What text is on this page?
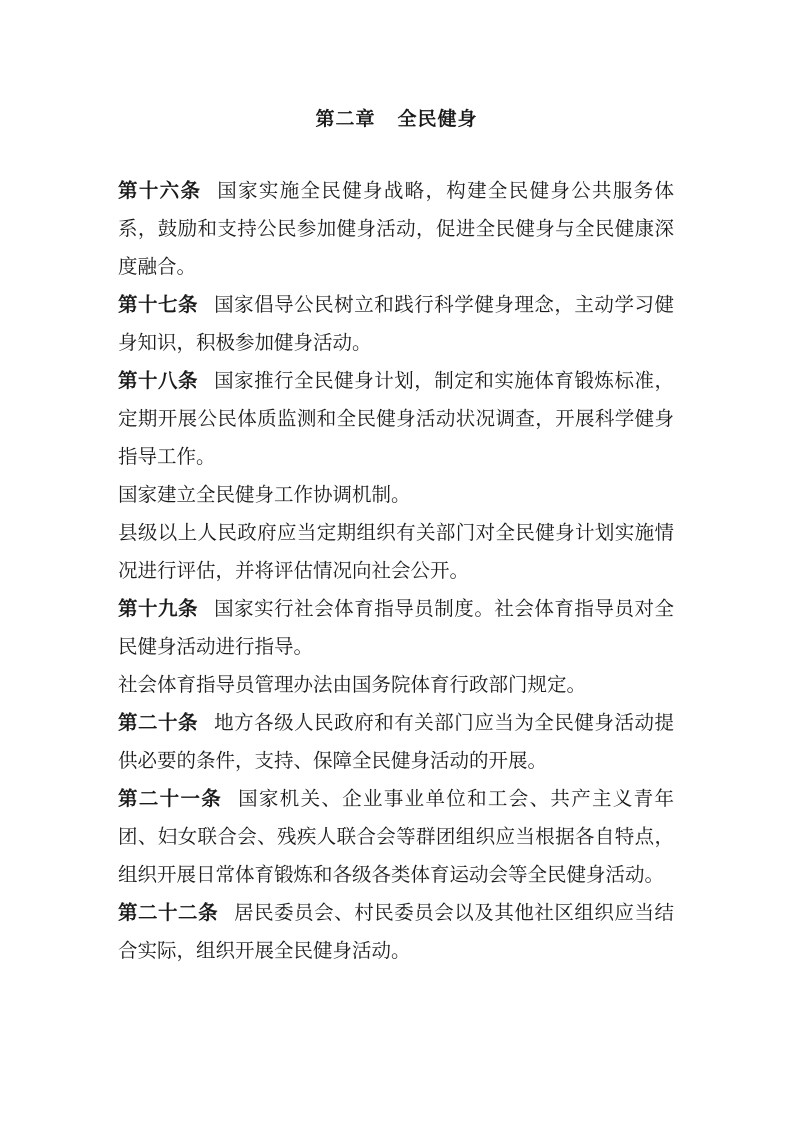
第二章 全民健身

第十六条 国家实施全民健身战略，构建全民健身公共服务体系，鼓励和支持公民参加健身活动，促进全民健身与全民健康深度融合。

第十七条 国家倡导公民树立和践行科学健身理念，主动学习健身知识，积极参加健身活动。

第十八条 国家推行全民健身计划，制定和实施体育锻炼标准，定期开展公民体质监测和全民健身活动状况调查，开展科学健身指导工作。

国家建立全民健身工作协调机制。

县级以上人民政府应当定期组织有关部门对全民健身计划实施情况进行评估，并将评估情况向社会公开。

第十九条 国家实行社会体育指导员制度。社会体育指导员对全民健身活动进行指导。

社会体育指导员管理办法由国务院体育行政部门规定。

第二十条 地方各级人民政府和有关部门应当为全民健身活动提供必要的条件，支持、保障全民健身活动的开展。

第二十一条 国家机关、企业事业单位和工会、共产主义青年团、妇女联合会、残疾人联合会等群团组织应当根据各自特点，组织开展日常体育锻炼和各级各类体育运动会等全民健身活动。

第二十二条 居民委员会、村民委员会以及其他社区组织应当结合实际，组织开展全民健身活动。
